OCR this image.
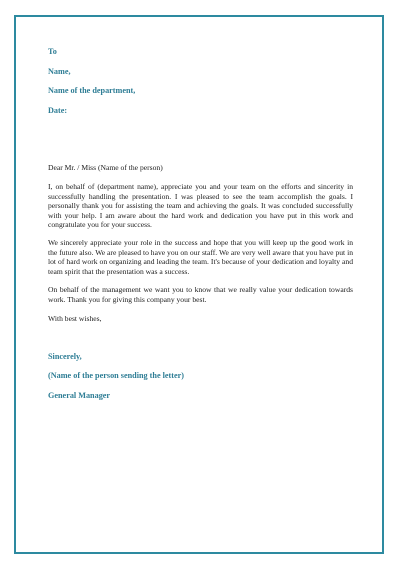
To
Name,
Name of the department,
Date:
Dear Mr. / Miss (Name of the person)
I, on behalf of (department name), appreciate you and your team on the efforts and sincerity in successfully handling the presentation. I was pleased to see the team accomplish the goals. I personally thank you for assisting the team and achieving the goals. It was concluded successfully with your help. I am aware about the hard work and dedication you have put in this work and congratulate you for your success.
We sincerely appreciate your role in the success and hope that you will keep up the good work in the future also. We are pleased to have you on our staff. We are very well aware that you have put in lot of hard work on organizing and leading the team. It's because of your dedication and loyalty and team spirit that the presentation was a success.
On behalf of the management we want you to know that we really value your dedication towards work. Thank you for giving this company your best.
With best wishes,
Sincerely,
(Name of the person sending the letter)
General Manager
